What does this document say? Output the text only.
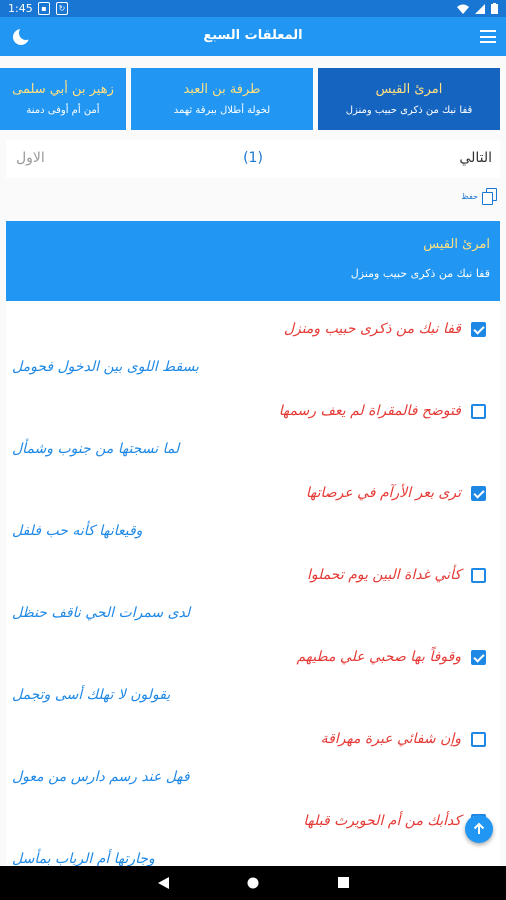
1:45	▪	↻
المعلقات السبع
امرئ القيس
قفا نبك من ذكرى حبيب ومنزل
طرفة بن العبد
لخولة أطلال ببرقة ثهمد
زهير بن أبي سلمى
أمن أم أوفى دمنة
التالي
(1)
الاول
حفظ
امرئ القيس
قفا نبك من ذكرى حبيب ومنزل
قفا نبك من ذكرى حبيب ومنزل
بسقط اللوى بين الدخول فحومل
فتوضح فالمقراة لم يعف رسمها
لما نسجتها من جنوب وشمأل
ترى بعر الأرآم في عرصاتها
وقيعانها كأنه حب فلفل
كأني غداة البين يوم تحملوا
لدى سمرات الحي ناقف حنظل
وقوفاً بها صحبي علي مطيهم
يقولون لا تهلك أسى وتجمل
وإن شفائي عبرة مهراقة
فهل عند رسم دارس من معول
كدأبك من أم الحويرث قبلها
وجارتها أم الرباب بمأسل
